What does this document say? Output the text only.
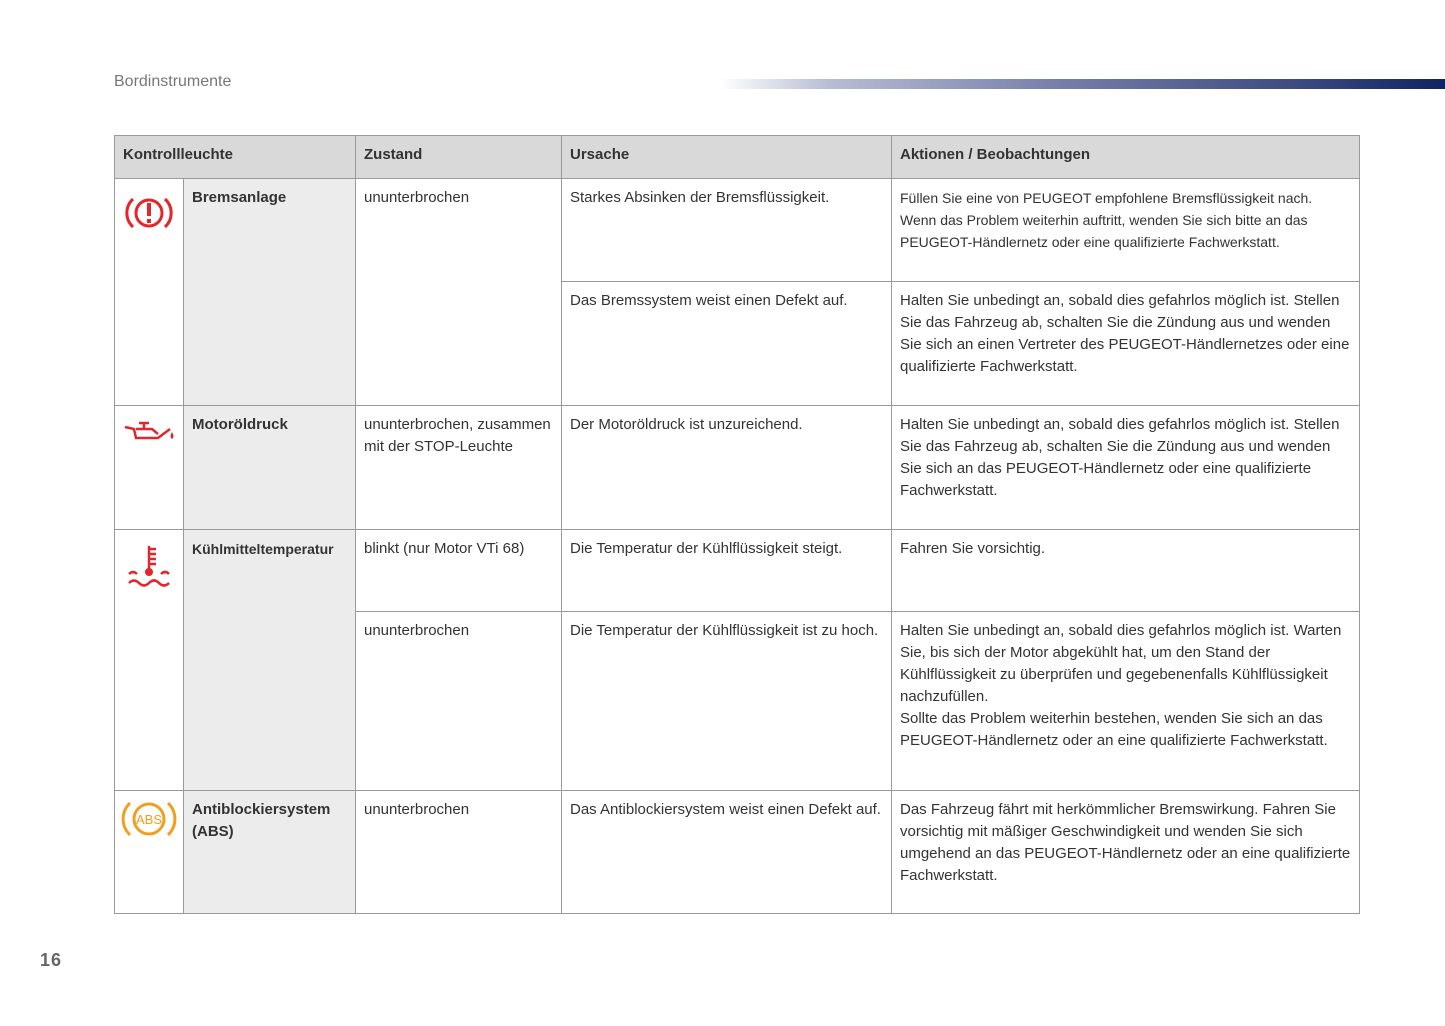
Bordinstrumente
Kontrollleuchte		Zustand	Ursache	Aktionen / Beobachtungen
	Bremsanlage	ununterbrochen	Starkes Absinken der Bremsflüssigkeit.	Füllen Sie eine von PEUGEOT empfohlene Bremsflüssigkeit nach. Wenn das Problem weiterhin auftritt, wenden Sie sich bitte an das PEUGEOT-Händlernetz oder eine qualifizierte Fachwerkstatt.
			Das Bremssystem weist einen Defekt auf.	Halten Sie unbedingt an, sobald dies gefahrlos möglich ist. Stellen Sie das Fahrzeug ab, schalten Sie die Zündung aus und wenden Sie sich an einen Vertreter des PEUGEOT-Händlernetzes oder eine qualifizierte Fachwerkstatt.
	Motoröldruck	ununterbrochen, zusammen mit der STOP-Leuchte	Der Motoröldruck ist unzureichend.	Halten Sie unbedingt an, sobald dies gefahrlos möglich ist. Stellen Sie das Fahrzeug ab, schalten Sie die Zündung aus und wenden Sie sich an das PEUGEOT-Händlernetz oder eine qualifizierte Fachwerkstatt.
	Kühlmitteltemperatur	blinkt (nur Motor VTi 68)	Die Temperatur der Kühlflüssigkeit steigt.	Fahren Sie vorsichtig.
		ununterbrochen	Die Temperatur der Kühlflüssigkeit ist zu hoch.	Halten Sie unbedingt an, sobald dies gefahrlos möglich ist. Warten Sie, bis sich der Motor abgekühlt hat, um den Stand der Kühlflüssigkeit zu überprüfen und gegebenenfalls Kühlflüssigkeit nachzufüllen.
Sollte das Problem weiterhin bestehen, wenden Sie sich an das PEUGEOT-Händlernetz oder an eine qualifizierte Fachwerkstatt.

ABS	Antiblockiersystem (ABS)	ununterbrochen	Das Antiblockiersystem weist einen Defekt auf.	Das Fahrzeug fährt mit herkömmlicher Bremswirkung. Fahren Sie vorsichtig mit mäßiger Geschwindigkeit und wenden Sie sich umgehend an das PEUGEOT-Händlernetz oder an eine qualifizierte Fachwerkstatt.
16
